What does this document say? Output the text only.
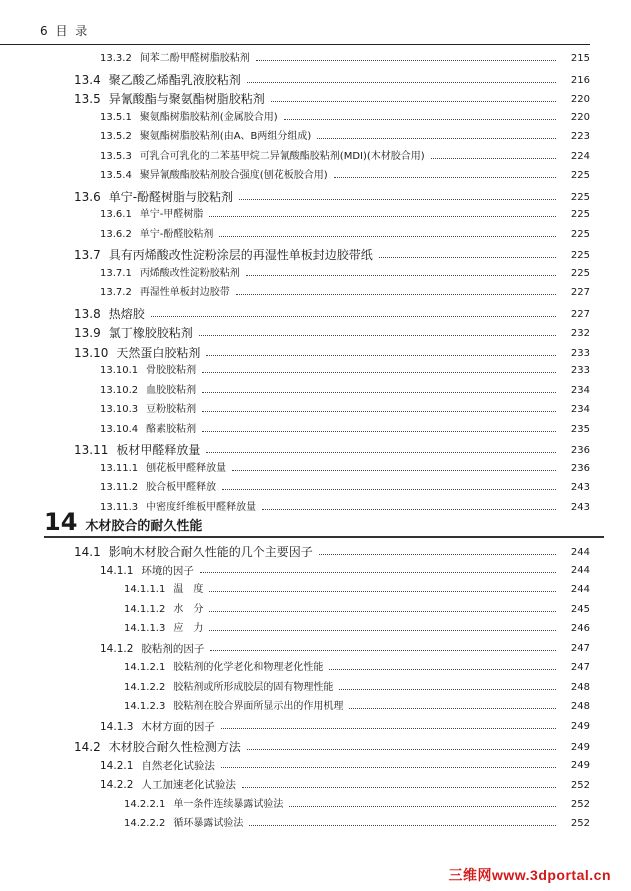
6 目 录
13.3.2 间苯二酚甲醛树脂胶粘剂	215
13.4 聚乙酸乙烯酯乳液胶粘剂	216
13.5 异氰酸酯与聚氨酯树脂胶粘剂	220
13.5.1 聚氨酯树脂胶粘剂(金属胶合用)	220
13.5.2 聚氨酯树脂胶粘剂(由A、B两组分组成)	223
13.5.3 可乳合可乳化的二苯基甲烷二异氰酸酯胶粘剂(MDI)(木材胶合用)	224
13.5.4 聚异氰酸酯胶粘剂胶合强度(刨花板胶合用)	225
13.6 单宁-酚醛树脂与胶粘剂	225
13.6.1 单宁-甲醛树脂	225
13.6.2 单宁-酚醛胶粘剂	225
13.7 具有丙烯酸改性淀粉涂层的再湿性单板封边胶带纸	225
13.7.1 丙烯酸改性淀粉胶粘剂	225
13.7.2 再湿性单板封边胶带	227
13.8 热熔胶	227
13.9 氯丁橡胶胶粘剂	232
13.10 天然蛋白胶粘剂	233
13.10.1 骨胶胶粘剂	233
13.10.2 血胶胶粘剂	234
13.10.3 豆粉胶粘剂	234
13.10.4 酪素胶粘剂	235
13.11 板材甲醛释放量	236
13.11.1 刨花板甲醛释放量	236
13.11.2 胶合板甲醛释放	243
13.11.3 中密度纤维板甲醛释放量	243
14 木材胶合的耐久性能
14.1 影响木材胶合耐久性能的几个主要因子	244
14.1.1 环境的因子	244
14.1.1.1 温　度	244
14.1.1.2 水　分	245
14.1.1.3 应　力	246
14.1.2 胶粘剂的因子	247
14.1.2.1 胶粘剂的化学老化和物理老化性能	247
14.1.2.2 胶粘剂或所形成胶层的固有物理性能	248
14.1.2.3 胶粘剂在胶合界面所显示出的作用机理	248
14.1.3 木材方面的因子	249
14.2 木材胶合耐久性检测方法	249
14.2.1 自然老化试验法	249
14.2.2 人工加速老化试验法	252
14.2.2.1 单一条件连续暴露试验法	252
14.2.2.2 循环暴露试验法	252
三维网www.3dportal.cn
